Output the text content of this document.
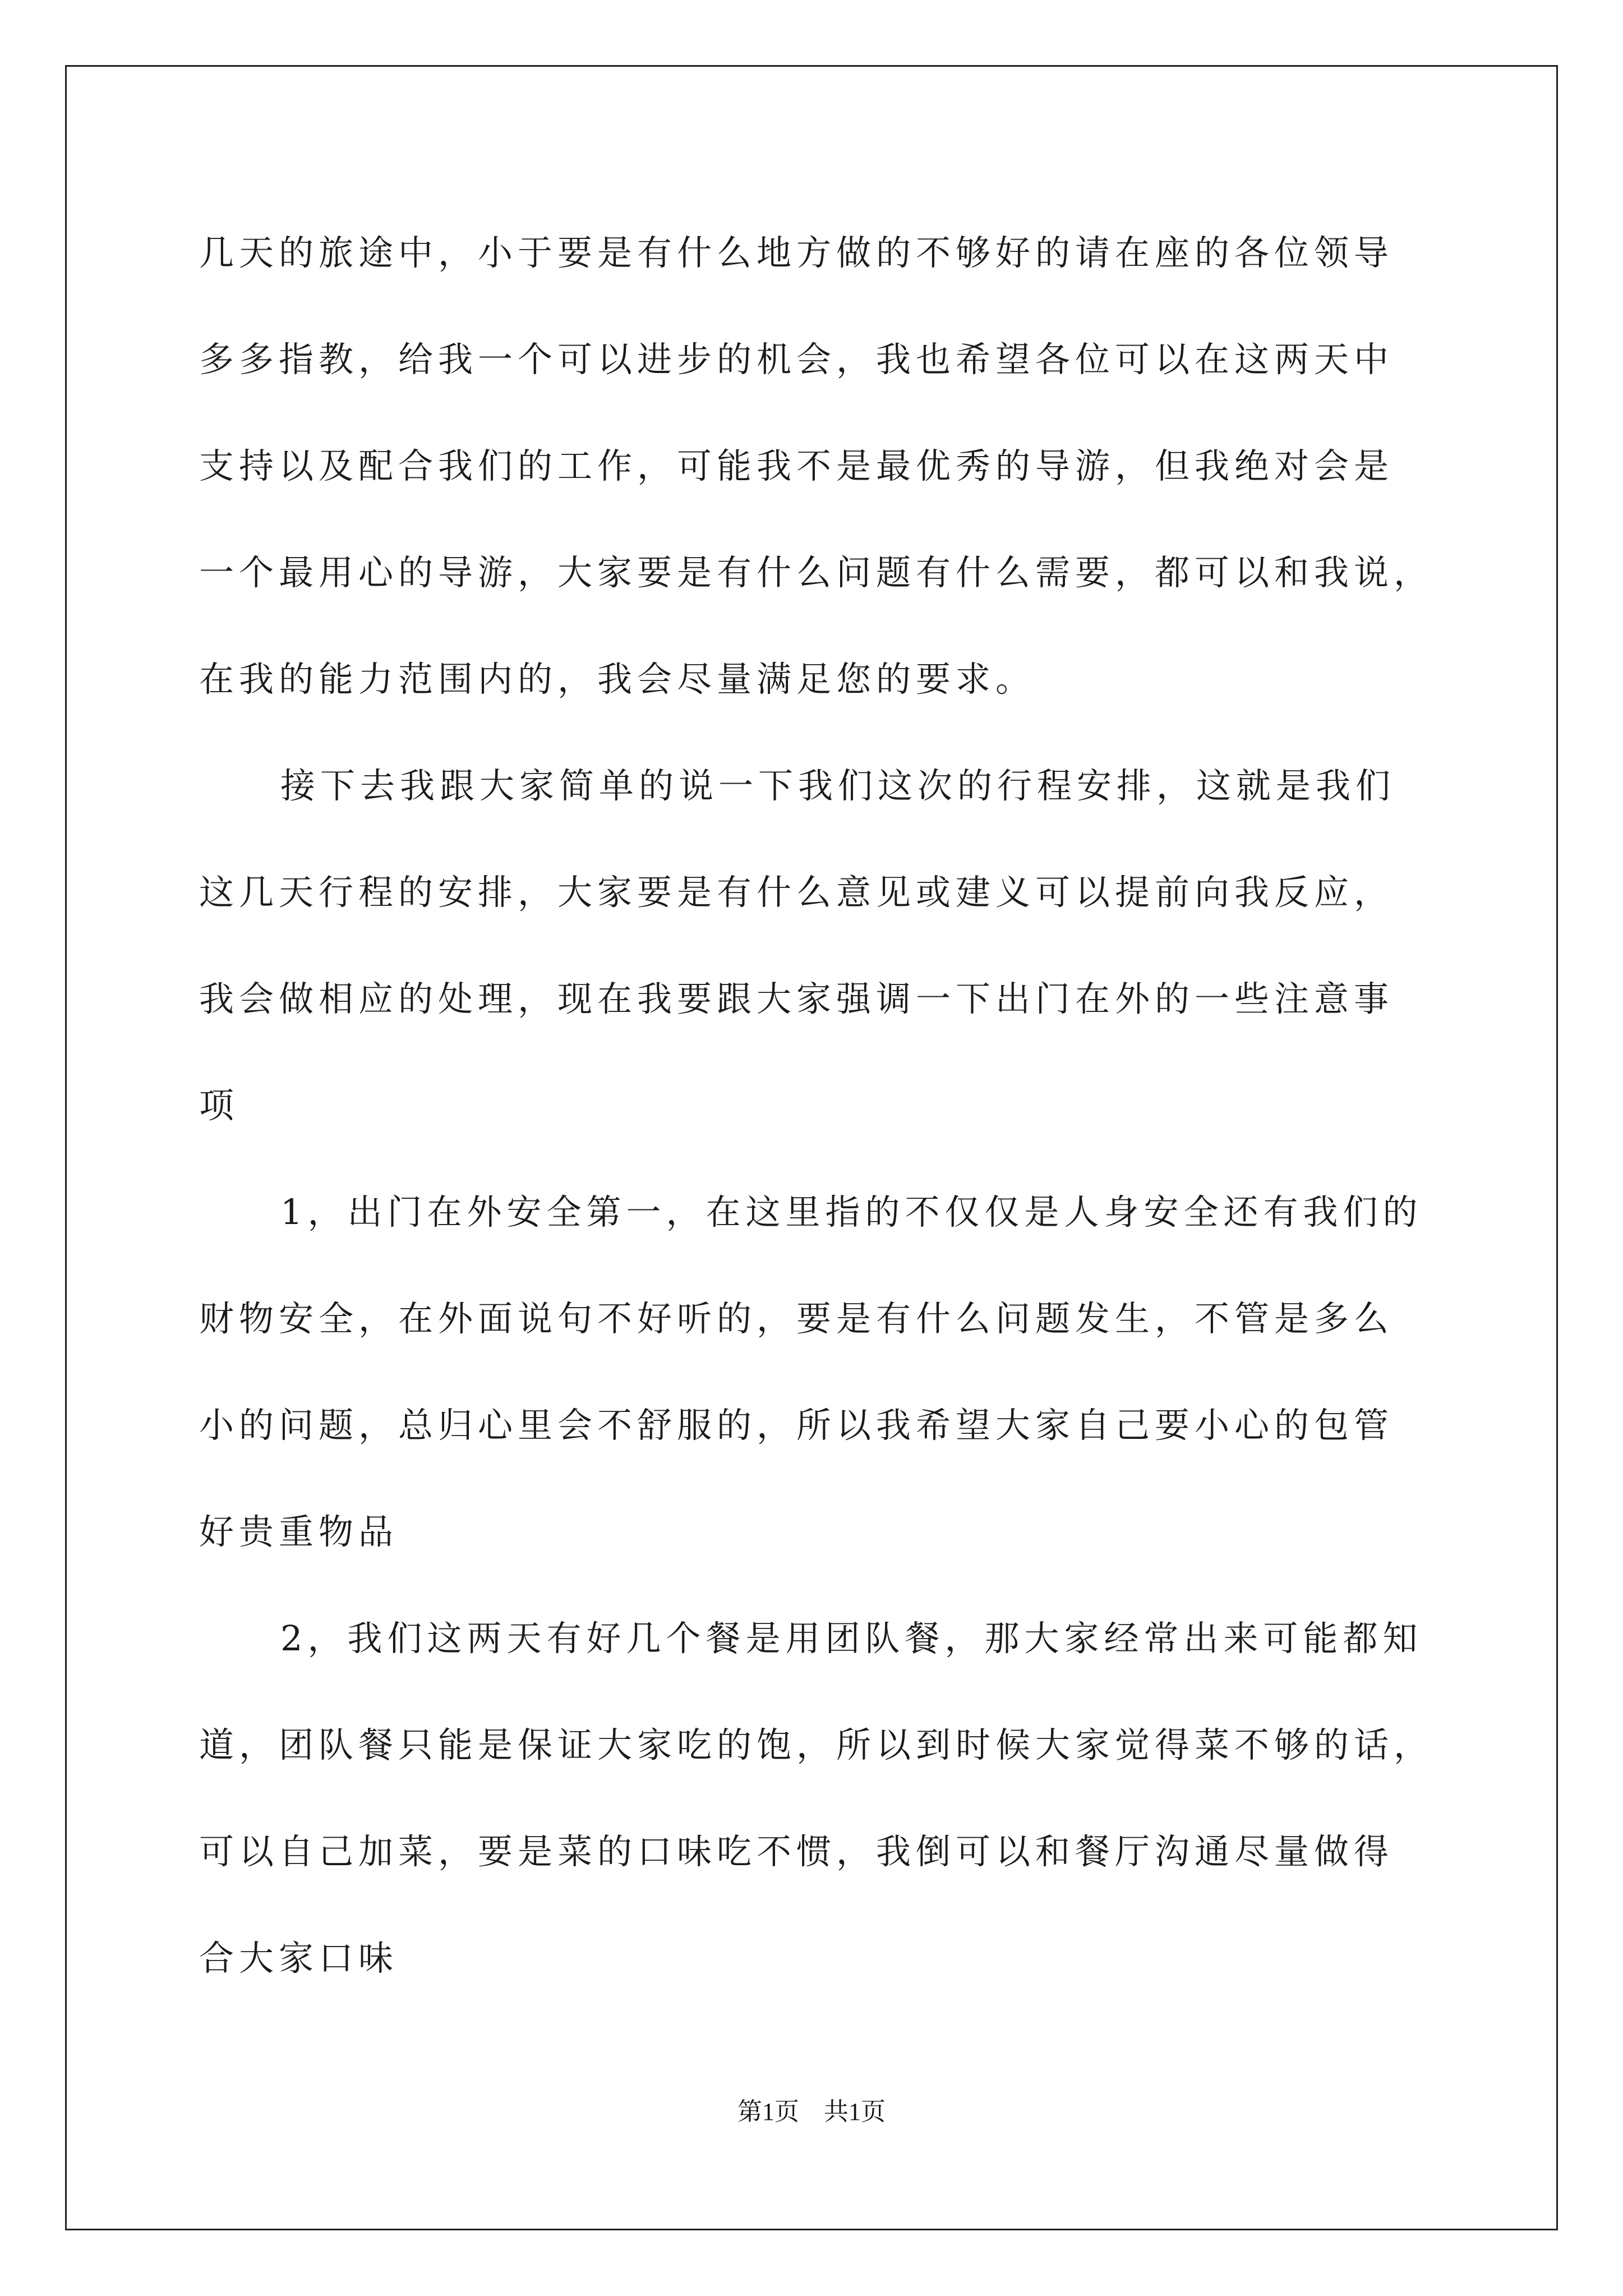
几天的旅途中，小于要是有什么地方做的不够好的请在座的各位领导
多多指教，给我一个可以进步的机会，我也希望各位可以在这两天中
支持以及配合我们的工作，可能我不是最优秀的导游，但我绝对会是
一个最用心的导游，大家要是有什么问题有什么需要，都可以和我说，
在我的能力范围内的，我会尽量满足您的要求。
接下去我跟大家简单的说一下我们这次的行程安排，这就是我们
这几天行程的安排，大家要是有什么意见或建义可以提前向我反应，
我会做相应的处理，现在我要跟大家强调一下出门在外的一些注意事
项
1，出门在外安全第一，在这里指的不仅仅是人身安全还有我们的
财物安全，在外面说句不好听的，要是有什么问题发生，不管是多么
小的问题，总归心里会不舒服的，所以我希望大家自己要小心的包管
好贵重物品
2，我们这两天有好几个餐是用团队餐，那大家经常出来可能都知
道，团队餐只能是保证大家吃的饱，所以到时候大家觉得菜不够的话，
可以自己加菜，要是菜的口味吃不惯，我倒可以和餐厅沟通尽量做得
合大家口味
第1页 共1页
